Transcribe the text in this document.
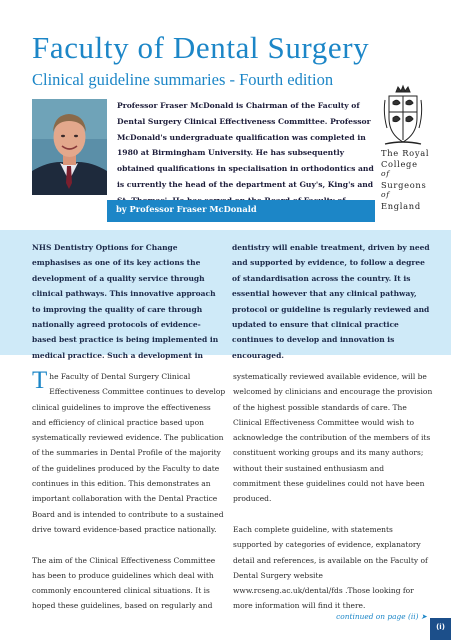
Faculty of Dental Surgery
Clinical guideline summaries - Fourth edition
Professor Fraser McDonald is Chairman of the Faculty of Dental Surgery Clinical Effectiveness Committee. Professor McDonald's undergraduate qualification was completed in 1980 at Birmingham University. He has subsequently obtained qualifications in specialisation in orthodontics and is currently the head of the department at Guy's, King's and
The Royal
College
of
Surgeons
of
England
by Professor Fraser McDonald
NHS Dentistry Options for Change emphasises as one of its key actions the development of a quality service through clinical pathways. This innovative approach to improving the quality of care through nationally agreed protocols of evidence-based best practice is being implemented in medical practice. Such a development in
dentistry will enable treatment, driven by need and supported by evidence, to follow a degree of standardisation across the country. It is essential however that any clinical pathway, protocol or guideline is regularly reviewed and updated to ensure that clinical practice continues to develop and innovation is encouraged.

The Faculty of Dental Surgery Clinical Effectiveness Committee continues to develop clinical guidelines to improve the effectiveness and efficiency of clinical practice based upon systematically reviewed evidence. The publication of the summaries in Dental Profile of the majority of the guidelines produced by the Faculty to date continues in this edition. This demonstrates an important collaboration with the Dental Practice Board and is intended to contribute to a sustained drive toward evidence-based practice nationally.

The aim of the Clinical Effectiveness Committee has been to produce guidelines which deal with commonly encountered clinical situations. It is hoped these guidelines, based on regularly and

systematically reviewed available evidence, will be welcomed by clinicians and encourage the provision of the highest possible standards of care. The Clinical Effectiveness Committee would wish to acknowledge the contribution of the members of its constituent working groups and its many authors; without their sustained enthusiasm and commitment these guidelines could not have been produced.

Each complete guideline, with statements supported by categories of evidence, explanatory detail and references, is available on the Faculty of Dental Surgery website www.rcseng.ac.uk/dental/fds .Those looking for more information will find it there.

continued on page (ii) ➤
(i)
